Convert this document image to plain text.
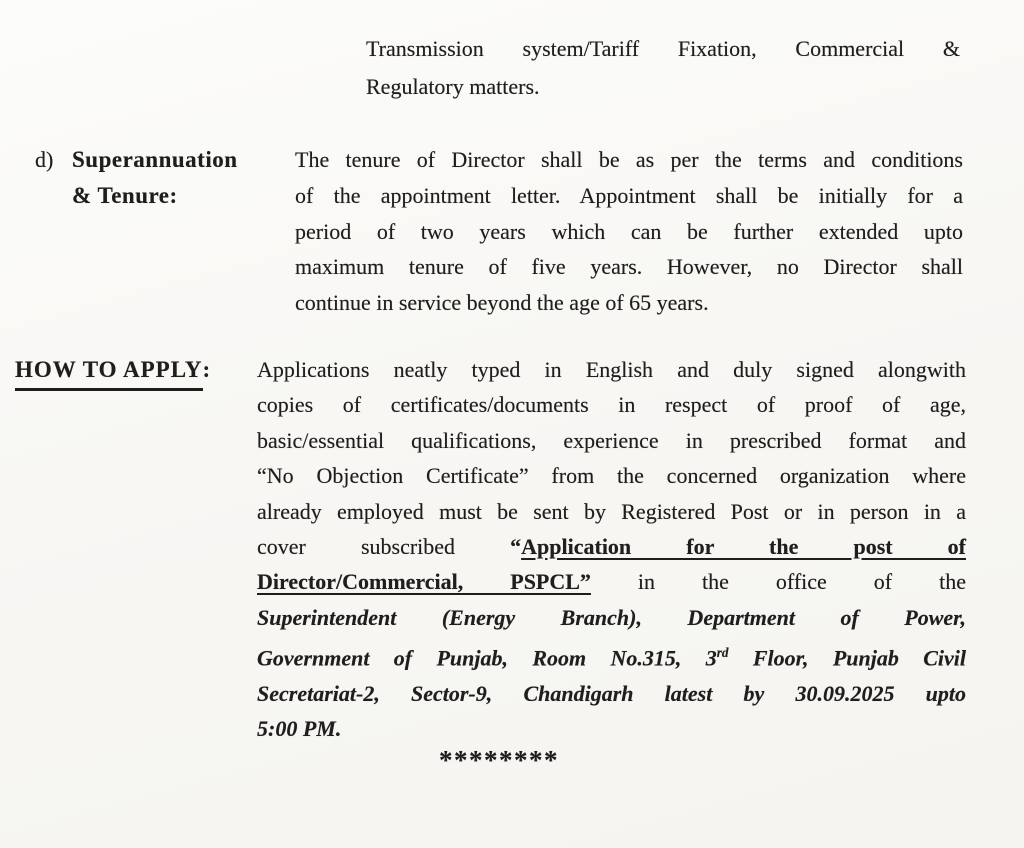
Transmission system/Tariff Fixation, Commercial &
Regulatory matters.
d) Superannuation
& Tenure:
The tenure of Director shall be as per the terms and conditions
of the appointment letter. Appointment shall be initially for a
period of two years which can be further extended upto
maximum tenure of five years. However, no Director shall
continue in service beyond the age of 65 years.
HOW TO APPLY: Applications neatly typed in English and duly signed alongwith
copies of certificates/documents in respect of proof of age,
basic/essential qualifications, experience in prescribed format and
“No Objection Certificate” from the concerned organization where
already employed must be sent by Registered Post or in person in a
cover subscribed “Application for the post of
Director/Commercial, PSPCL” in the office of the
Superintendent (Energy Branch), Department of Power,
Government of Punjab, Room No.315, 3rd Floor, Punjab Civil
Secretariat-2, Sector-9, Chandigarh latest by 30.09.2025 upto
5:00 PM.
********
